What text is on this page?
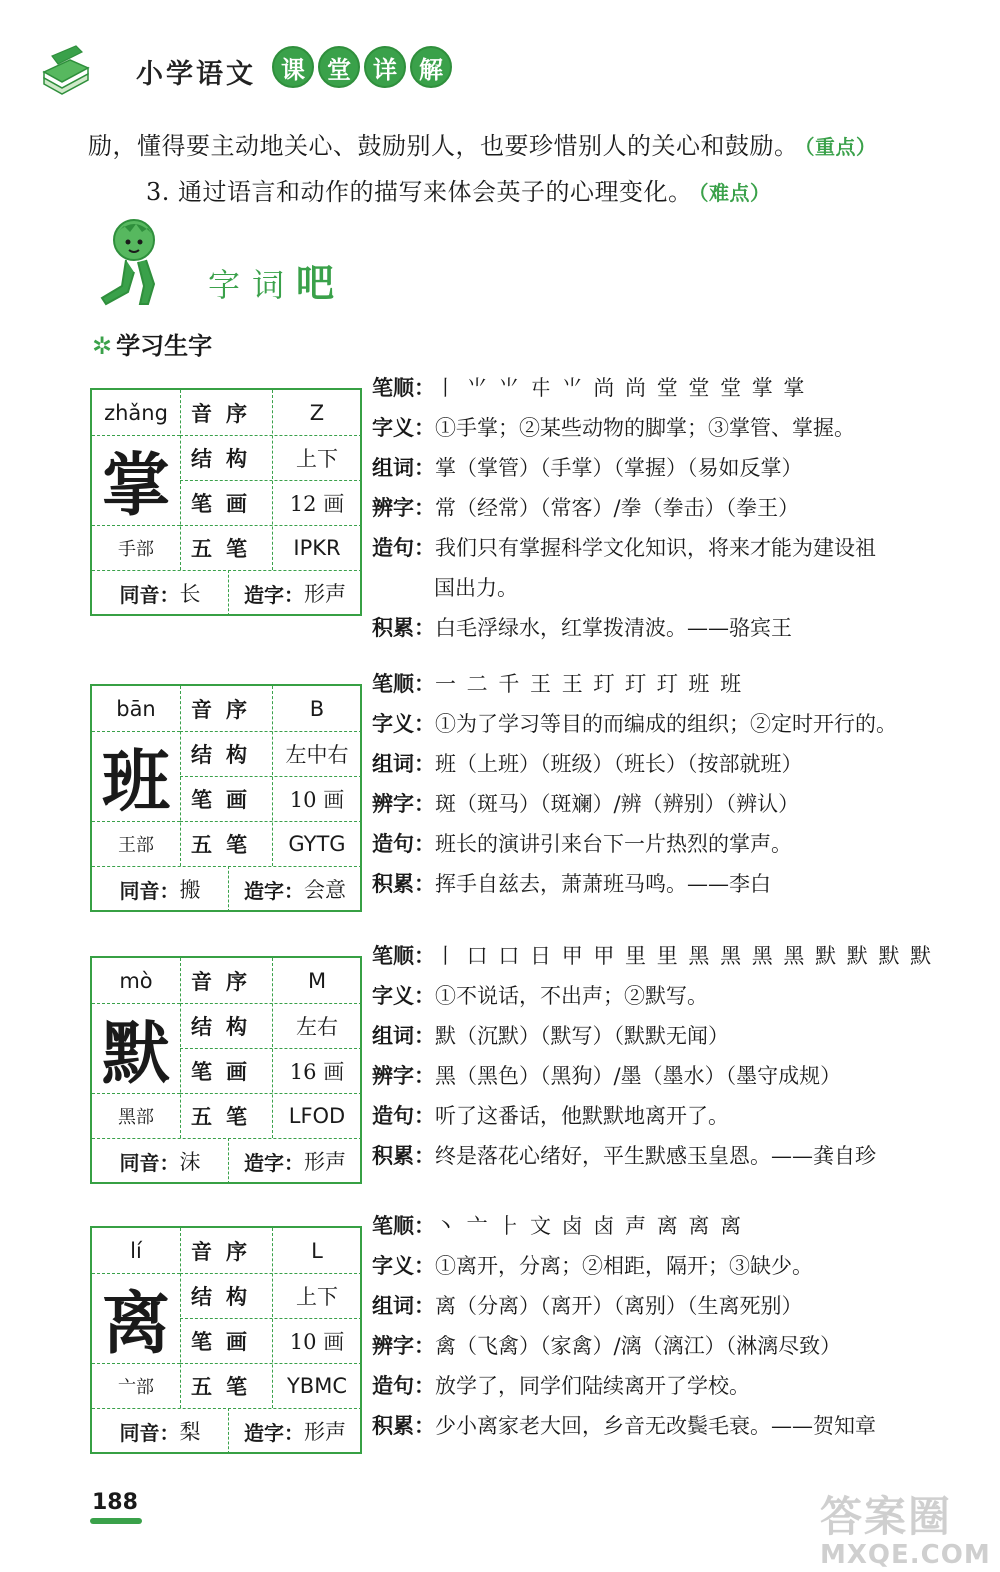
小学语文	课 堂 详 解
励，懂得要主动地关心、鼓励别人，也要珍惜别人的关心和鼓励。 （重点）
3. 通过语言和动作的描写来体会英子的心理变化。 （难点）
字词吧
✲ 学习生字
zhǎng	音序	Z
掌	结构	上下
笔画	12 画
手部	五笔	IPKR
同音： 长 造字： 形声
笔顺：丨 ⺌ ⺌ 㐄 ⺌ 尚 尚 堂 堂 堂 掌 掌
字义：①手掌；②某些动物的脚掌；③掌管、掌握。
组词：掌（掌管）（手掌）（掌握）（易如反掌）
辨字：常（经常）（常客）/拳（拳击）（拳王）
造句：我们只有掌握科学文化知识，将来才能为建设祖
国出力。
积累：白毛浮绿水，红掌拨清波。——骆宾王
bān	音序	B
班	结构	左中右
笔画	10 画
王部	五笔	GYTG
同音： 搬 造字： 会意
笔顺：一 二 千 王 王 玎 玎 玎 班 班
字义：①为了学习等目的而编成的组织；②定时开行的。
组词：班（上班）（班级）（班长）（按部就班）
辨字：斑（斑马）（斑斓）/辨（辨别）（辨认）
造句：班长的演讲引来台下一片热烈的掌声。
积累：挥手自兹去，萧萧班马鸣。——李白
mò	音序	M
默	结构	左右
笔画	16 画
黑部	五笔	LFOD
同音： 沫 造字： 形声
笔顺：丨 口 口 日 甲 甲 里 里 黑 黑 黑 黑 默 默 默 默
字义：①不说话，不出声；②默写。
组词：默（沉默）（默写）（默默无闻）
辨字：黑（黑色）（黑狗）/墨（墨水）（墨守成规）
造句：听了这番话，他默默地离开了。
积累：终是落花心绪好，平生默感玉皇恩。——龚自珍
lí	音序	L
离	结构	上下
笔画	10 画
亠部	五笔	YBMC
同音： 梨 造字： 形声
笔顺：丶 亠 ⺊ 文 卤 卤 声 离 离 离
字义：①离开，分离；②相距，隔开；③缺少。
组词：离（分离）（离开）（离别）（生离死别）
辨字：禽（飞禽）（家禽）/漓（漓江）（淋漓尽致）
造句：放学了，同学们陆续离开了学校。
积累：少小离家老大回，乡音无改鬓毛衰。——贺知章
188	答案圈
MXQE.COM
